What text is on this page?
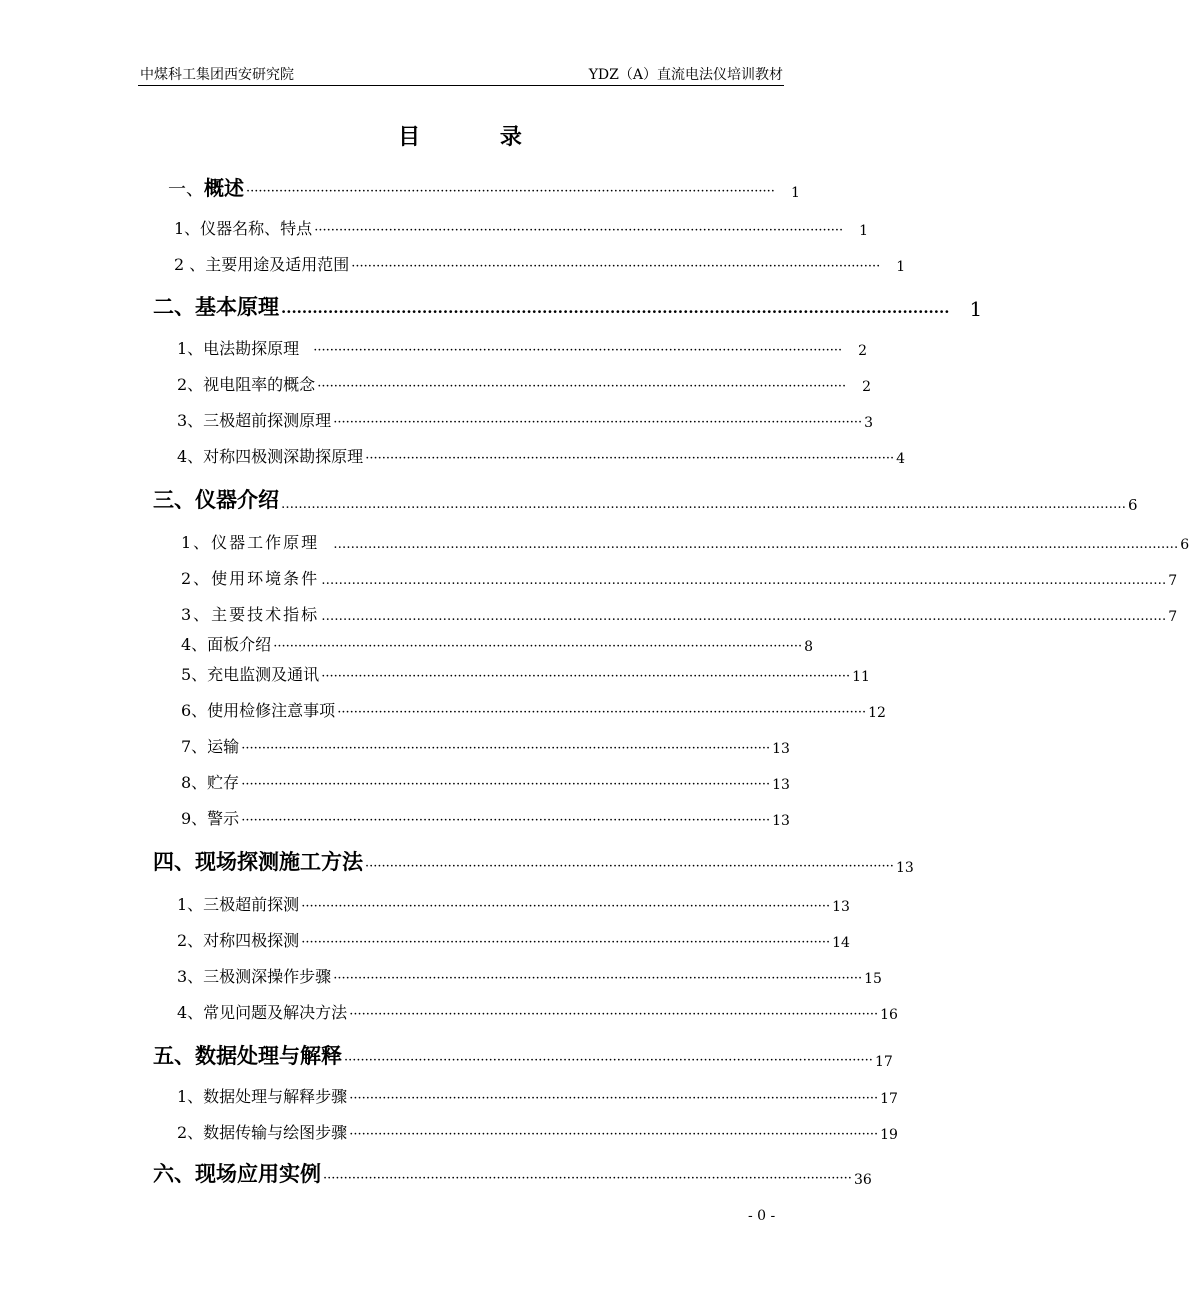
中煤科工集团西安研究院	YDZ（A）直流电法仪培训教材
目 录
一、概述 ································································································································ 1
1、仪器名称、特点 ································································································································ 1
2 、主要用途及适用范围 ································································································································ 1
二、基本原理 ································································································································ 1
1、电法勘探原理 ································································································································ 2
2、视电阻率的概念 ································································································································ 2
3、三极超前探测原理 ································································································································ 3
4、对称四极测深勘探原理 ································································································································ 4
三、仪器介绍 …………………………………………………………………………………………………………………………………………………………………………… 6
1、仪器工作原理 …………………………………………………………………………………………………………………………………………………………………………… 6
2、使用环境条件 …………………………………………………………………………………………………………………………………………………………………………… 7
3、主要技术指标 …………………………………………………………………………………………………………………………………………………………………………… 7
4、面板介绍 ································································································································ 8
5、充电监测及通讯 ································································································································ 11
6、使用检修注意事项 ································································································································ 12
7、运输 ································································································································ 13
8、贮存 ································································································································ 13
9、警示 ································································································································ 13
四、现场探测施工方法 ································································································································ 13
1、三极超前探测 ································································································································ 13
2、对称四极探测 ································································································································ 14
3、三极测深操作步骤 ································································································································ 15
4、常见问题及解决方法 ································································································································ 16
五、数据处理与解释 ································································································································ 17
1、数据处理与解释步骤 ································································································································ 17
2、数据传输与绘图步骤 ································································································································ 19
六、现场应用实例 ································································································································ 36
- 0 -
